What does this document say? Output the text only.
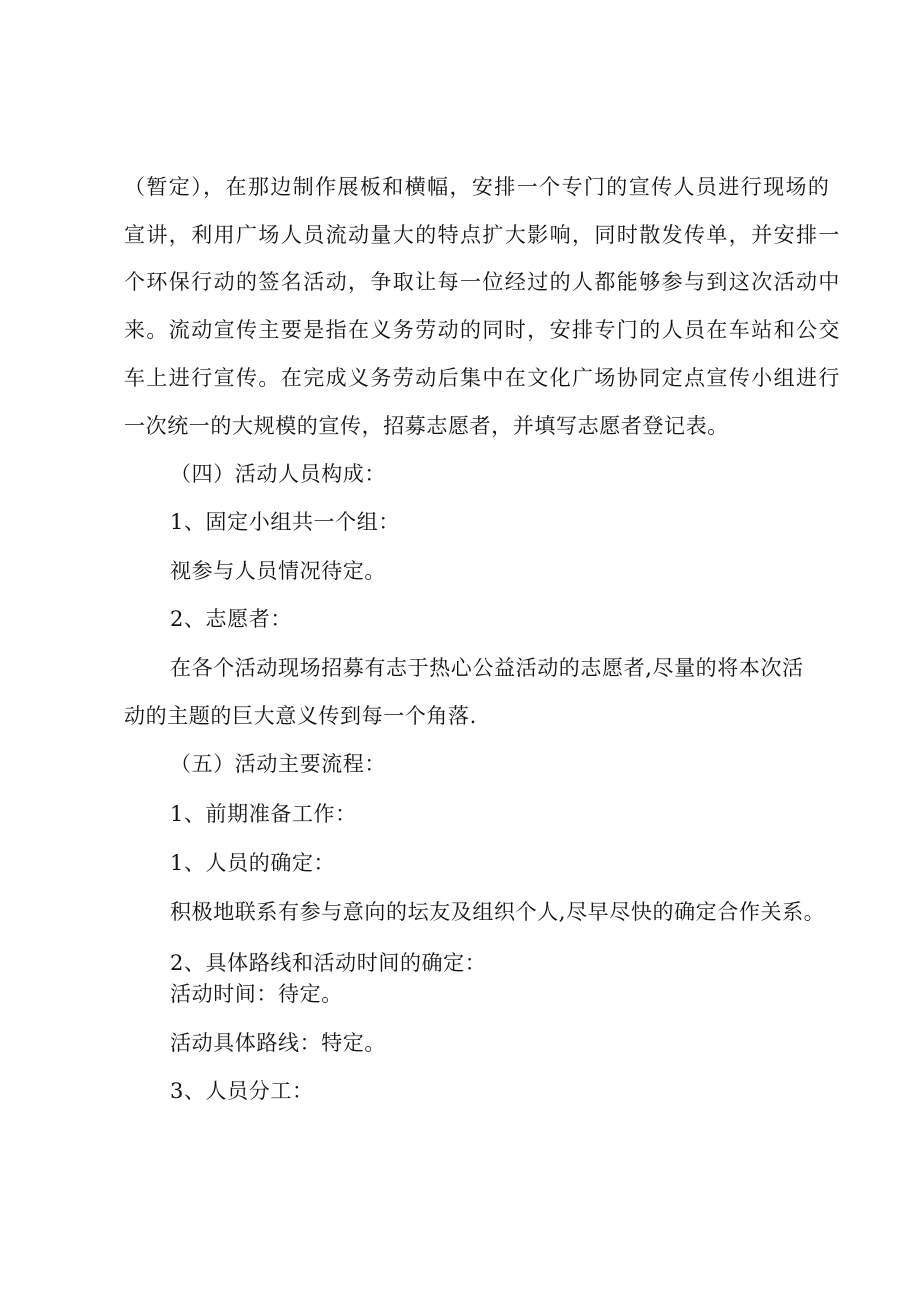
（暂定），在那边制作展板和横幅，安排一个专门的宣传人员进行现场的
宣讲，利用广场人员流动量大的特点扩大影响，同时散发传单，并安排一
个环保行动的签名活动，争取让每一位经过的人都能够参与到这次活动中
来。流动宣传主要是指在义务劳动的同时，安排专门的人员在车站和公交
车上进行宣传。在完成义务劳动后集中在文化广场协同定点宣传小组进行
一次统一的大规模的宣传，招募志愿者，并填写志愿者登记表。
（四）活动人员构成：
1、固定小组共一个组：
视参与人员情况待定。
2、志愿者：
在各个活动现场招募有志于热心公益活动的志愿者,尽量的将本次活
动的主题的巨大意义传到每一个角落.
（五）活动主要流程：
1、前期准备工作：
1、人员的确定：
积极地联系有参与意向的坛友及组织个人,尽早尽快的确定合作关系。
2、具体路线和活动时间的确定：
活动时间：待定。
活动具体路线：特定。
3、人员分工：
